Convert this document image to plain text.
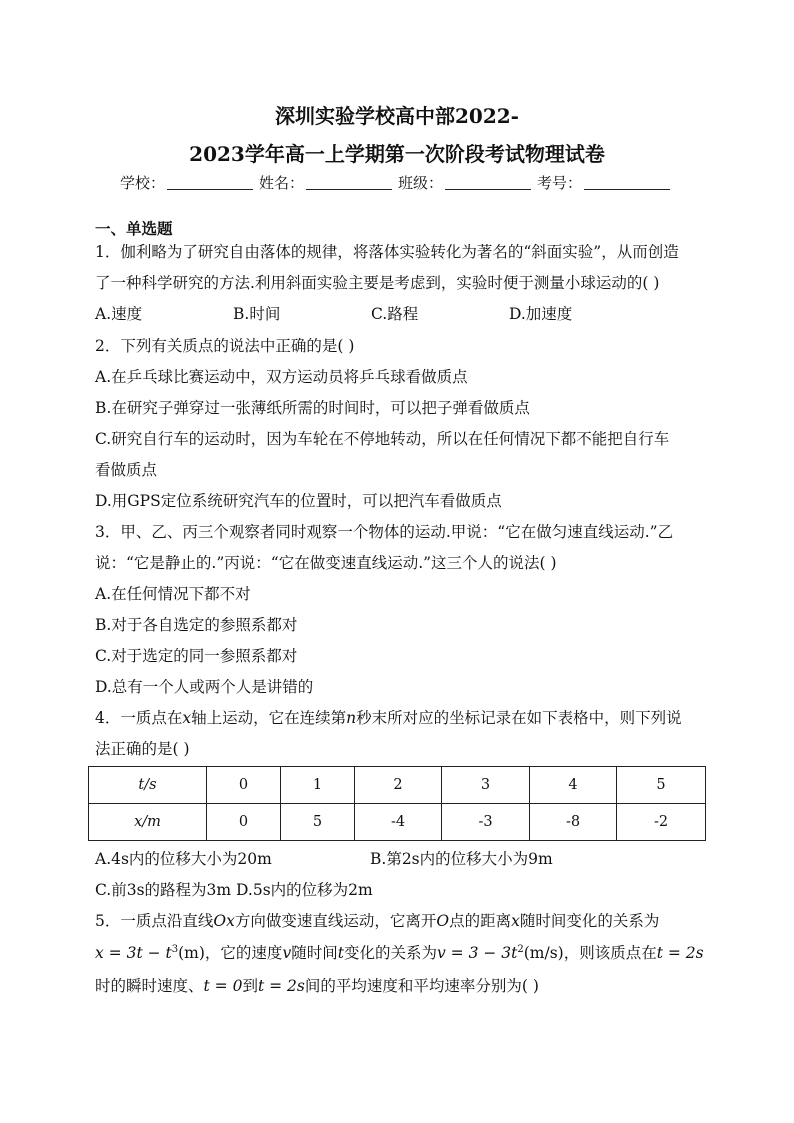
深圳实验学校高中部2022-
2023学年高一上学期第一次阶段考试物理试卷
学校：	姓名：	班级：	考号：
一、单选题
1．伽利略为了研究自由落体的规律，将落体实验转化为著名的“斜面实验”，从而创造
了一种科学研究的方法.利用斜面实验主要是考虑到，实验时便于测量小球运动的( )
A.速度	B.时间	C.路程	D.加速度
2．下列有关质点的说法中正确的是( )
A.在乒乓球比赛运动中，双方运动员将乒乓球看做质点
B.在研究子弹穿过一张薄纸所需的时间时，可以把子弹看做质点
C.研究自行车的运动时，因为车轮在不停地转动，所以在任何情况下都不能把自行车
看做质点
D.用GPS定位系统研究汽车的位置时，可以把汽车看做质点
3．甲、乙、丙三个观察者同时观察一个物体的运动.甲说：“它在做匀速直线运动.”乙
说：“它是静止的.”丙说：“它在做变速直线运动.”这三个人的说法( )
A.在任何情况下都不对
B.对于各自选定的参照系都对
C.对于选定的同一参照系都对
D.总有一个人或两个人是讲错的
4．一质点在x轴上运动，它在连续第n秒末所对应的坐标记录在如下表格中，则下列说
法正确的是( )
t/s	0	1	2	3	4	5
x/m	0	5	-4	-3	-8	-2
A.4s内的位移大小为20m	B.第2s内的位移大小为9m
C.前3s的路程为3m D.5s内的位移为2m
5．一质点沿直线Ox方向做变速直线运动，它离开O点的距离x随时间变化的关系为
$x = 3t - t^3(m)$，它的速度v随时间t变化的关系为$v = 3 - 3t^2(m/s)$，则该质点在t = 2s
时的瞬时速度、t = 0到t = 2s间的平均速度和平均速率分别为( )
